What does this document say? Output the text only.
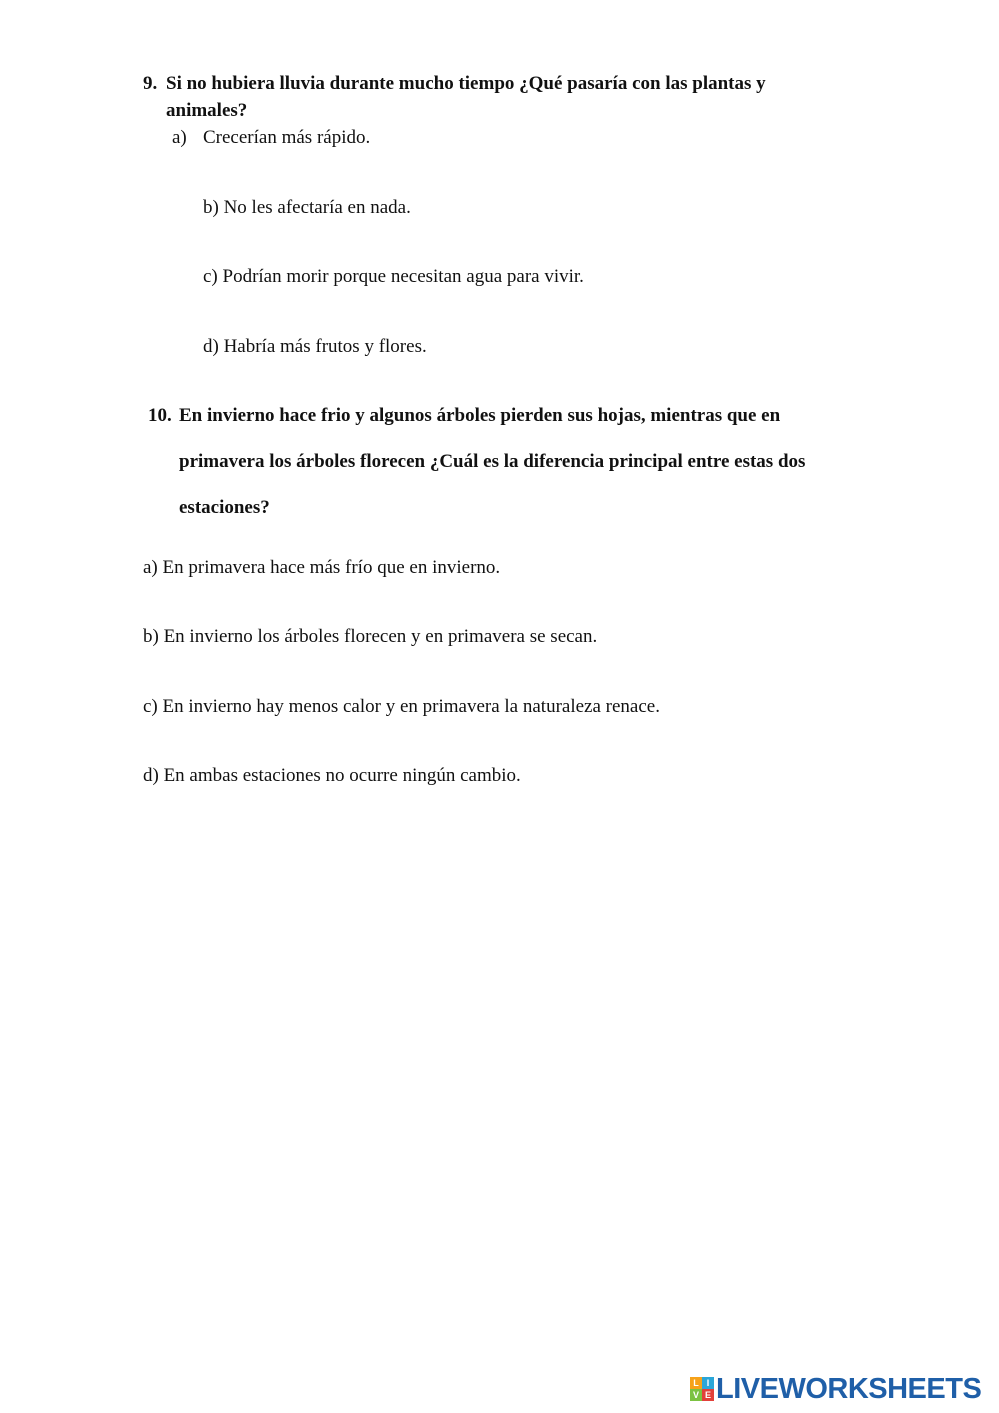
9. Si no hubiera lluvia durante mucho tiempo ¿Qué pasaría con las plantas y
animales?
a) Crecerían más rápido.
b) No les afectaría en nada.
c) Podrían morir porque necesitan agua para vivir.
d) Habría más frutos y flores.
10. En invierno hace frio y algunos árboles pierden sus hojas, mientras que en
primavera los árboles florecen ¿Cuál es la diferencia principal entre estas dos
estaciones?
a) En primavera hace más frío que en invierno.
b) En invierno los árboles florecen y en primavera se secan.
c) En invierno hay menos calor y en primavera la naturaleza renace.
d) En ambas estaciones no ocurre ningún cambio.
L I
V E LIVEWORKSHEETS
